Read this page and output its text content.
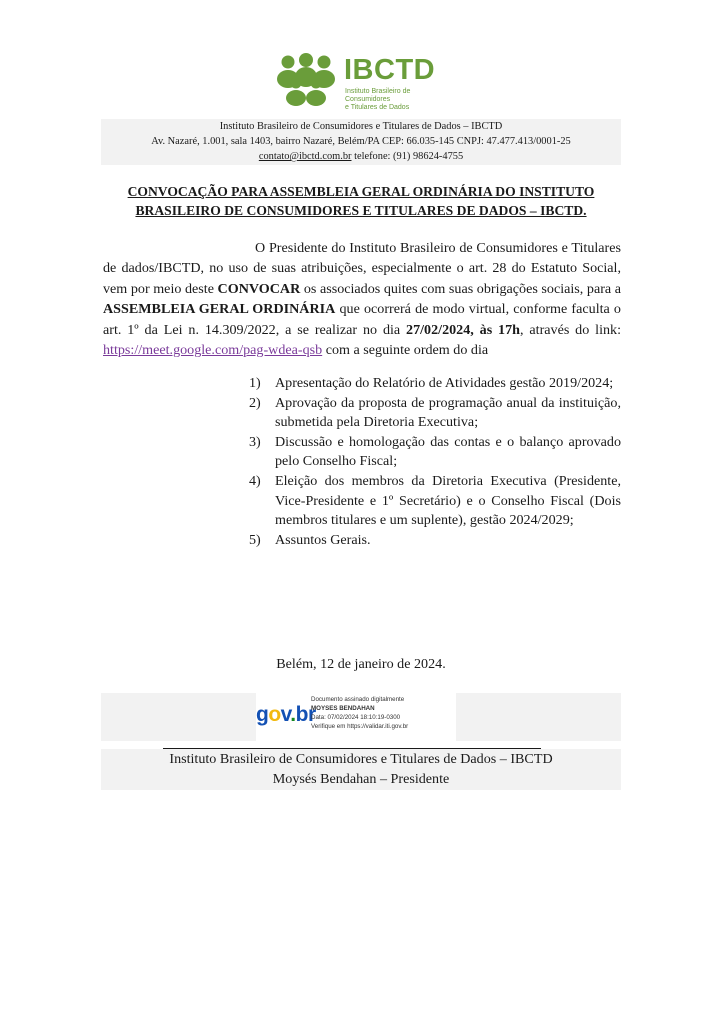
IBCTD
Instituto Brasileiro de Consumidores
e Titulares de Dados
Instituto Brasileiro de Consumidores e Titulares de Dados – IBCTD
Av. Nazaré, 1.001, sala 1403, bairro Nazaré, Belém/PA CEP: 66.035-145 CNPJ: 47.477.413/0001-25
contato@ibctd.com.br telefone: (91) 98624-4755
CONVOCAÇÃO PARA ASSEMBLEIA GERAL ORDINÁRIA DO INSTITUTO
BRASILEIRO DE CONSUMIDORES E TITULARES DE DADOS – IBCTD.
O Presidente do Instituto Brasileiro de Consumidores e Titulares de dados/IBCTD, no uso de suas atribuições, especialmente o art. 28 do Estatuto Social, vem por meio deste CONVOCAR os associados quites com suas obrigações sociais, para a ASSEMBLEIA GERAL ORDINÁRIA que ocorrerá de modo virtual, conforme faculta o art. 1º da Lei n. 14.309/2022, a se realizar no dia 27/02/2024, às 17h, através do link: https://meet.google.com/pag-wdea-qsb com a seguinte ordem do dia
1) Apresentação do Relatório de Atividades gestão 2019/2024;
2) Aprovação da proposta de programação anual da instituição, submetida pela Diretoria Executiva;
3) Discussão e homologação das contas e o balanço aprovado pelo Conselho Fiscal;
4) Eleição dos membros da Diretoria Executiva (Presidente, Vice-Presidente e 1º Secretário) e o Conselho Fiscal (Dois membros titulares e um suplente), gestão 2024/2029;
5) Assuntos Gerais.
Belém, 12 de janeiro de 2024.
gov.br
Documento assinado digitalmente
MOYSES BENDAHAN
Data: 07/02/2024 18:10:19-0300
Verifique em https://validar.iti.gov.br
Instituto Brasileiro de Consumidores e Titulares de Dados – IBCTD
Moysés Bendahan – Presidente
